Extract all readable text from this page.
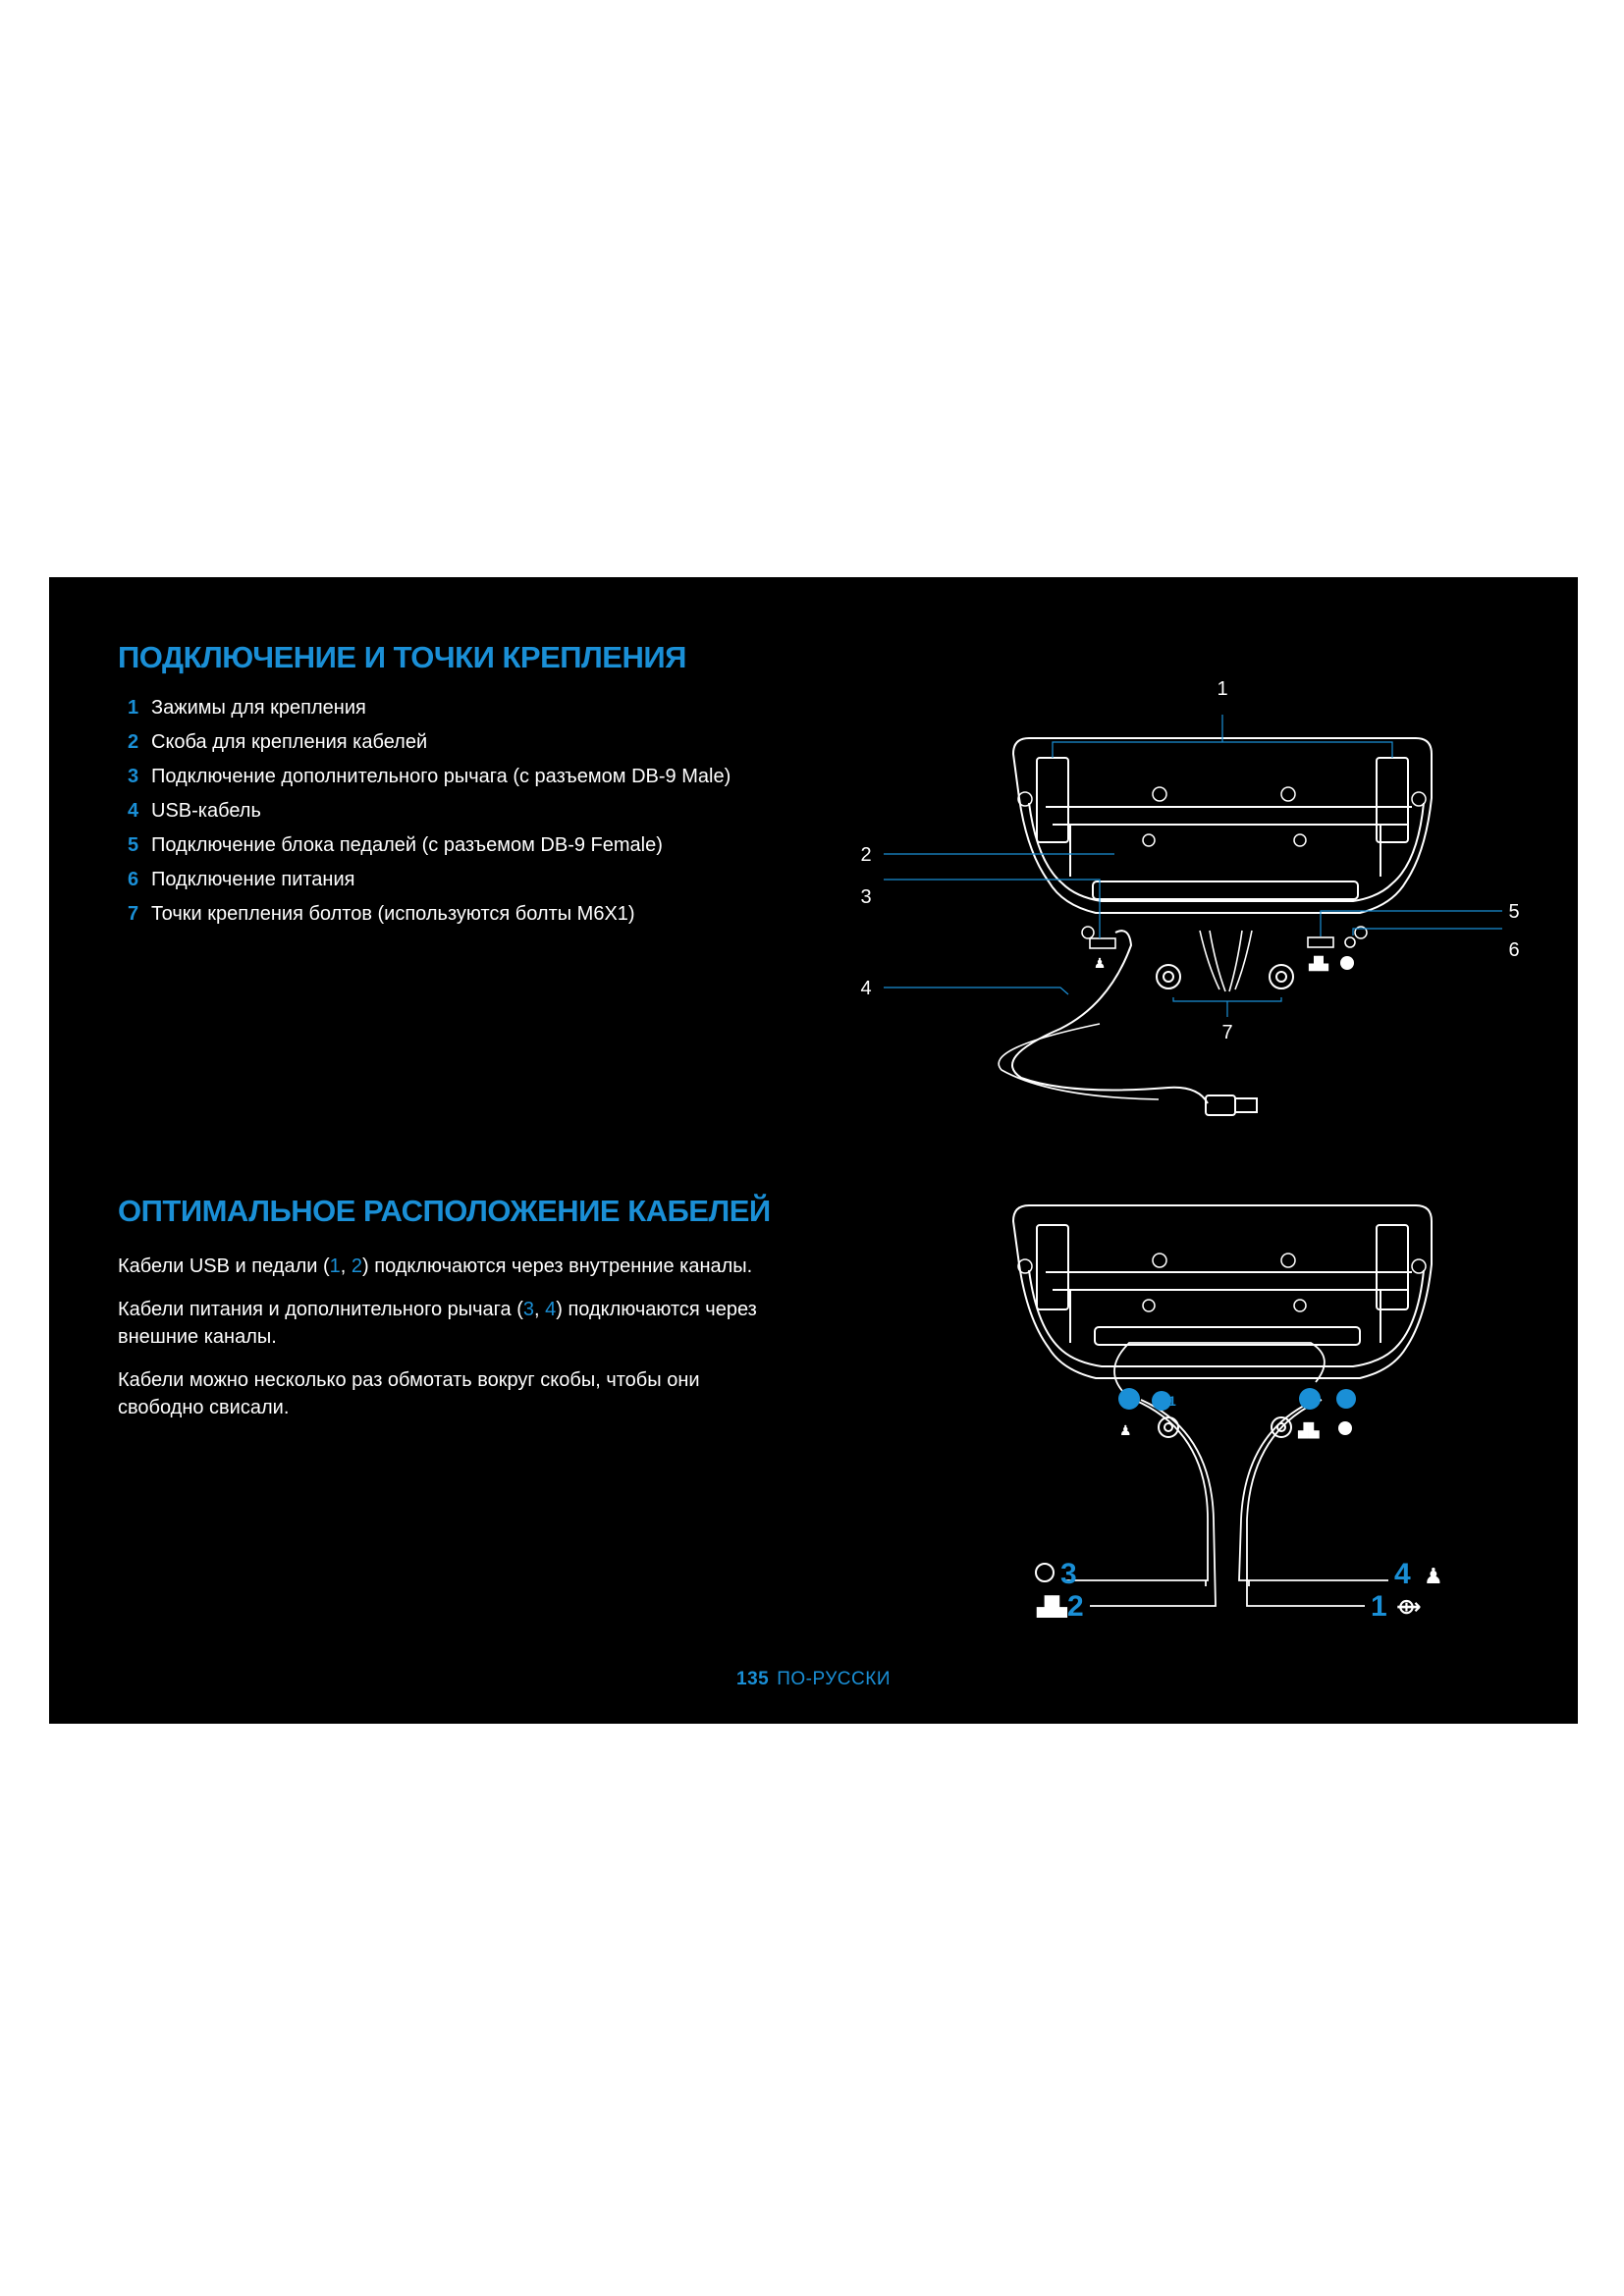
ПОДКЛЮЧЕНИЕ И ТОЧКИ КРЕПЛЕНИЯ
1 Зажимы для крепления
2 Скоба для крепления кабелей
3 Подключение дополнительного рычага (с разъемом DB-9 Male)
4 USB-кабель
5 Подключение блока педалей (с разъемом DB-9 Female)
6 Подключение питания
7 Точки крепления болтов (используются болты M6X1)
♟	▟▙
1
2
3
4
5
6
7
ОПТИМАЛЬНОЕ РАСПОЛОЖЕНИЕ КАБЕЛЕЙ

Кабели USB и педали (1, 2) подключаются через внутренние каналы.

Кабели питания и дополнительного рычага (3, 4) подключаются через внешние каналы.

Кабели можно несколько раз обмотать вокруг скобы, чтобы они свободно свисали.	1
♟	▟▙
3	4 ♟
▟▙ 2	1 ⟴
135 ПО-РУССКИ
